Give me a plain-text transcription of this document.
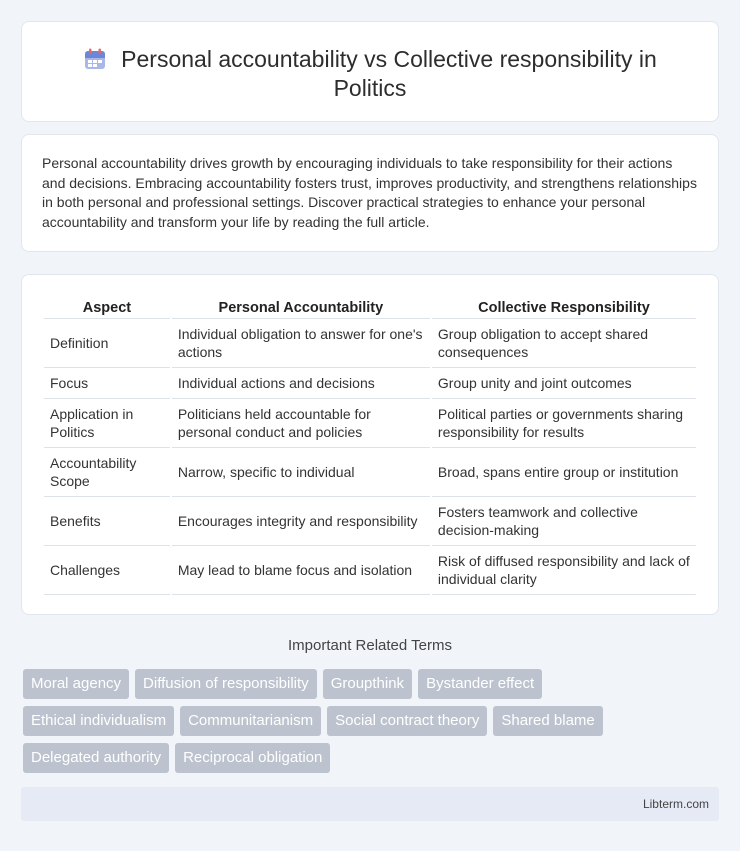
Personal accountability vs Collective responsibility in Politics

Personal accountability drives growth by encouraging individuals to take responsibility for their actions and decisions. Embracing accountability fosters trust, improves productivity, and strengthens relationships in both personal and professional settings. Discover practical strategies to enhance your personal accountability and transform your life by reading the full article.

Aspect	Personal Accountability	Collective Responsibility
Definition	Individual obligation to answer for one's actions	Group obligation to accept shared consequences
Focus	Individual actions and decisions	Group unity and joint outcomes
Application in Politics	Politicians held accountable for personal conduct and policies	Political parties or governments sharing responsibility for results
Accountability Scope	Narrow, specific to individual	Broad, spans entire group or institution
Benefits	Encourages integrity and responsibility	Fosters teamwork and collective decision-making
Challenges	May lead to blame focus and isolation	Risk of diffused responsibility and lack of individual clarity
Important Related Terms
Moral agency	Diffusion of responsibility	Groupthink	Bystander effect
Ethical individualism	Communitarianism	Social contract theory	Shared blame
Delegated authority	Reciprocal obligation
Libterm.com
